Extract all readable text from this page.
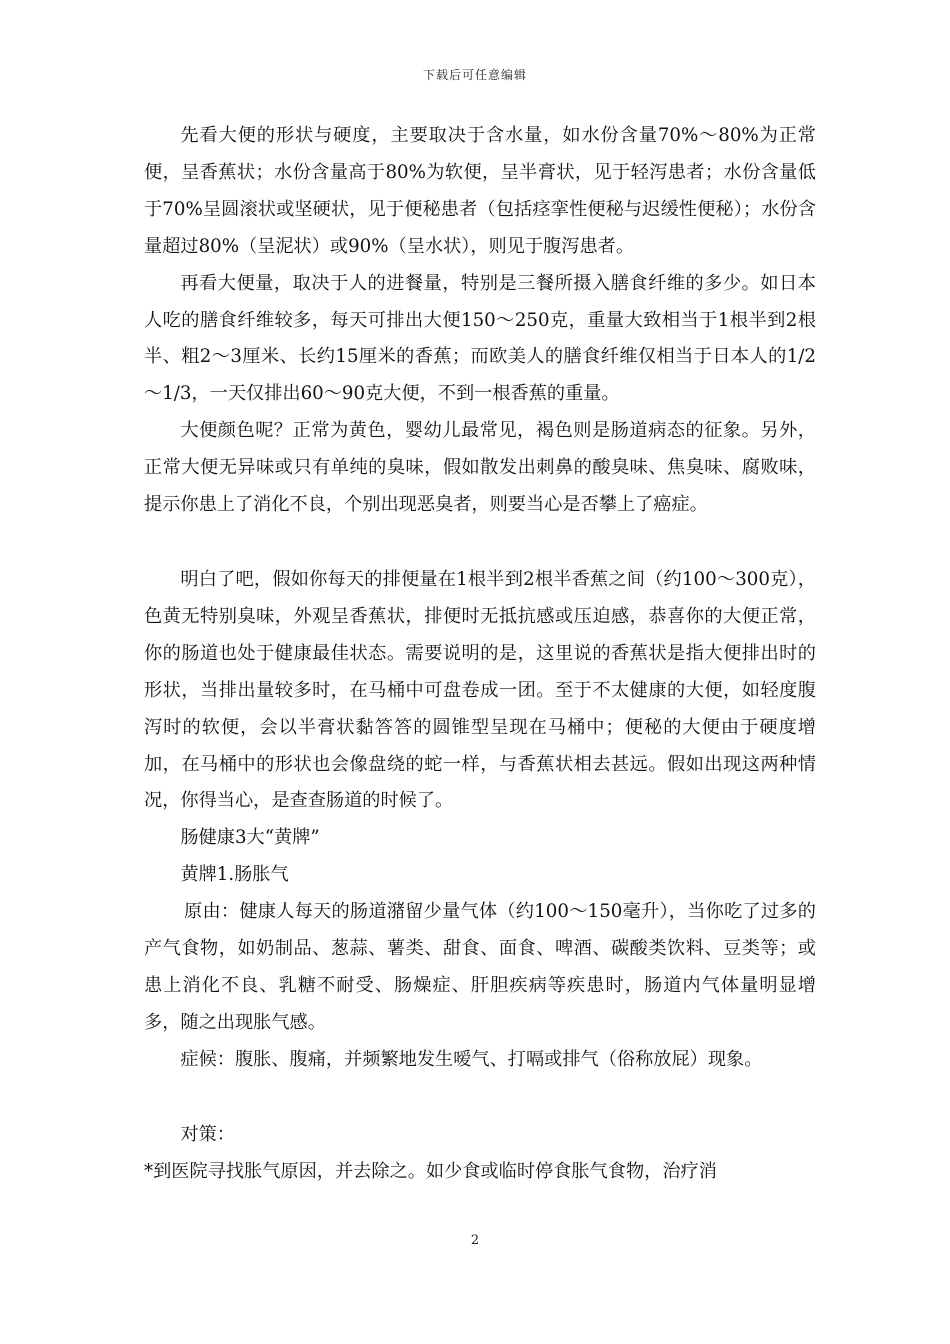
下载后可任意编辑

先看大便的形状与硬度，主要取决于含水量，如水份含量70%～80%为正常便，呈香蕉状；水份含量高于80%为软便，呈半膏状，见于轻泻患者；水份含量低于70%呈圆滚状或坚硬状，见于便秘患者（包括痉挛性便秘与迟缓性便秘）；水份含量超过80%（呈泥状）或90%（呈水状），则见于腹泻患者。

再看大便量，取决于人的进餐量，特别是三餐所摄入膳食纤维的多少。如日本人吃的膳食纤维较多，每天可排出大便150～250克，重量大致相当于1根半到2根半、粗2～3厘米、长约15厘米的香蕉；而欧美人的膳食纤维仅相当于日本人的1/2～1/3，一天仅排出60～90克大便，不到一根香蕉的重量。

大便颜色呢？正常为黄色，婴幼儿最常见，褐色则是肠道病态的征象。另外，正常大便无异味或只有单纯的臭味，假如散发出刺鼻的酸臭味、焦臭味、腐败味，提示你患上了消化不良，个别出现恶臭者，则要当心是否攀上了癌症。

明白了吧，假如你每天的排便量在1根半到2根半香蕉之间（约100～300克），色黄无特别臭味，外观呈香蕉状，排便时无抵抗感或压迫感，恭喜你的大便正常，你的肠道也处于健康最佳状态。需要说明的是，这里说的香蕉状是指大便排出时的形状，当排出量较多时，在马桶中可盘卷成一团。至于不太健康的大便，如轻度腹泻时的软便，会以半膏状黏答答的圆锥型呈现在马桶中；便秘的大便由于硬度增加，在马桶中的形状也会像盘绕的蛇一样，与香蕉状相去甚远。假如出现这两种情况，你得当心，是查查肠道的时候了。

肠健康3大“黄牌”

黄牌1.肠胀气

原由：健康人每天的肠道潴留少量气体（约100～150毫升），当你吃了过多的产气食物，如奶制品、葱蒜、薯类、甜食、面食、啤酒、碳酸类饮料、豆类等；或患上消化不良、乳糖不耐受、肠燥症、肝胆疾病等疾患时，肠道内气体量明显增多，随之出现胀气感。

症候：腹胀、腹痛，并频繁地发生嗳气、打嗝或排气（俗称放屁）现象。

对策：

*到医院寻找胀气原因，并去除之。如少食或临时停食胀气食物，治疗消

2
